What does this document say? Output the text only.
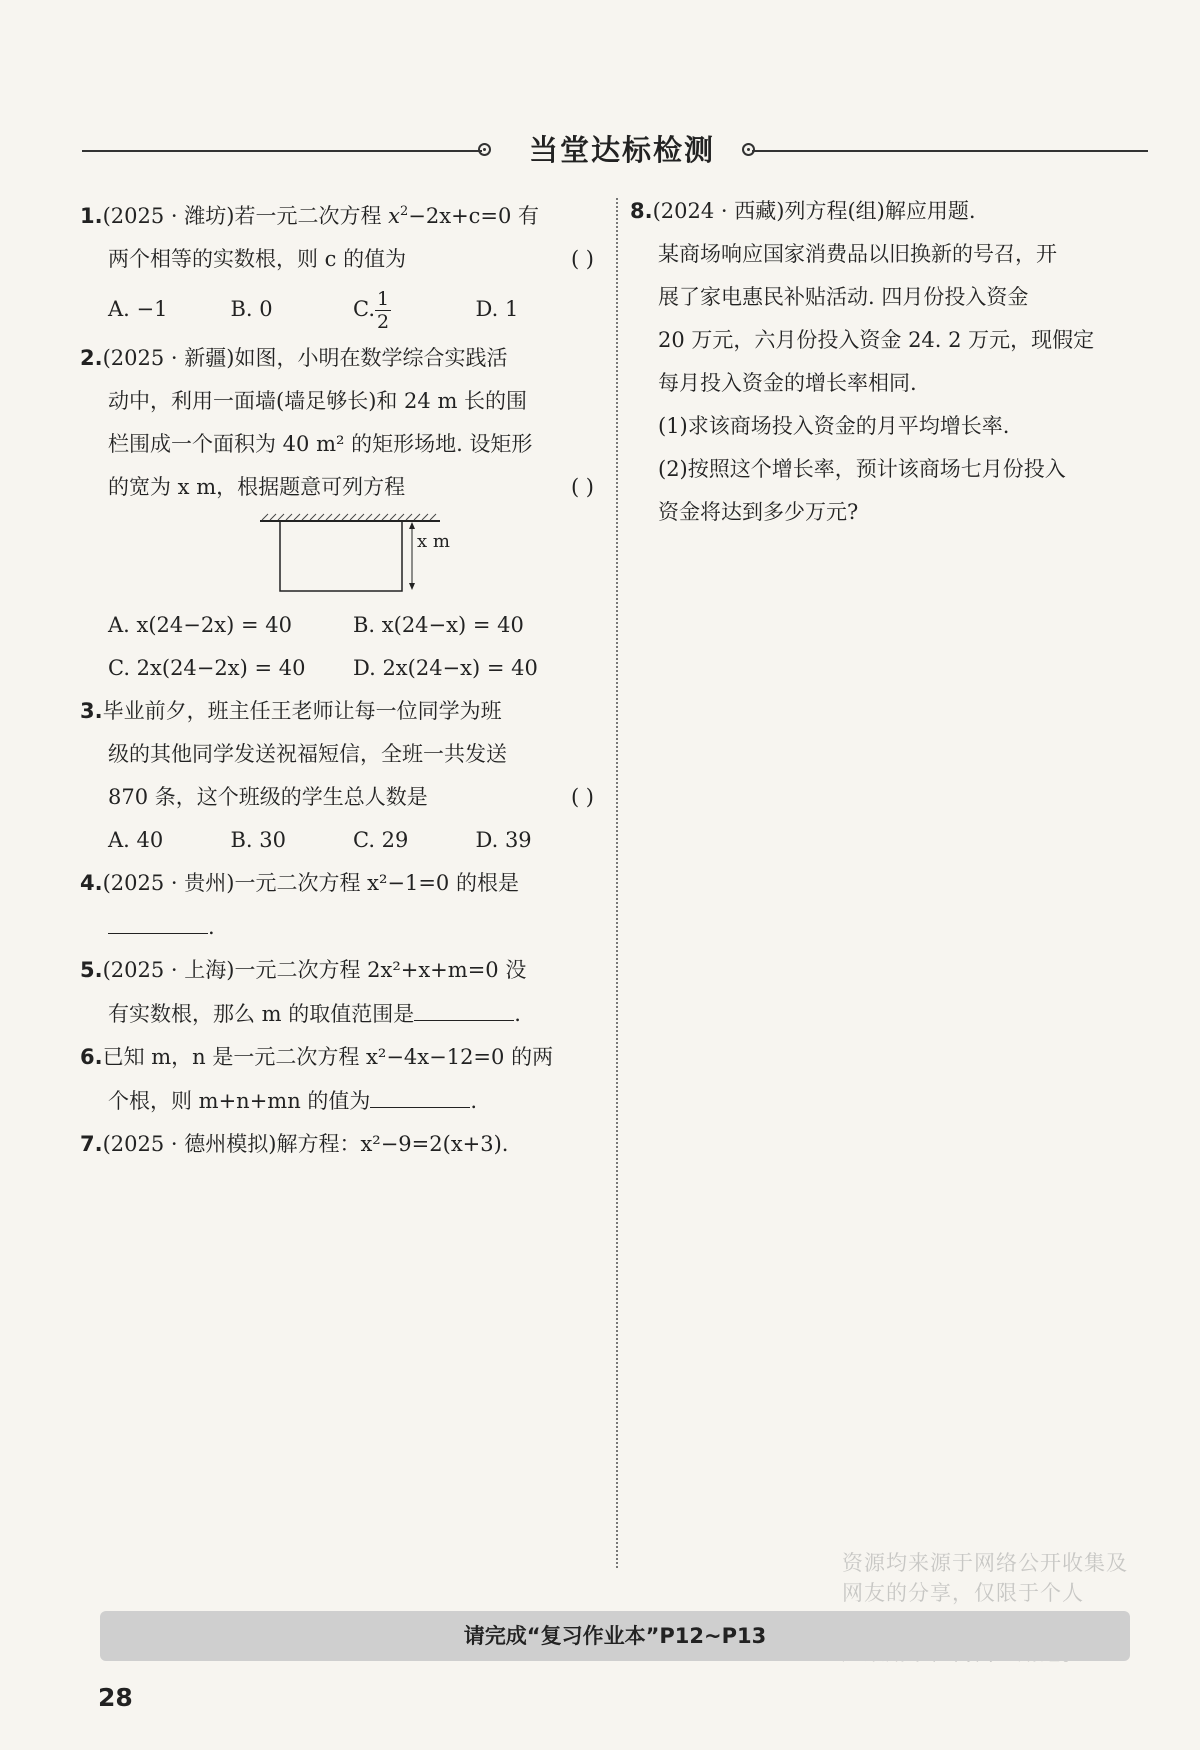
当堂达标检测
1.(2025 · 潍坊)若一元二次方程 $x^2-2x+c=0$ 有
两个相等的实数根，则 c 的值为	( )
A. −1	B. 0	C. $\frac{1}{2}$	D. 1
2.(2025 · 新疆)如图，小明在数学综合实践活
动中，利用一面墙(墙足够长)和 24 m 长的围
栏围成一个面积为 40 m² 的矩形场地. 设矩形
的宽为 x m，根据题意可列方程	( )
x m
A. x(24−2x) = 40	B. x(24−x) = 40
C. 2x(24−2x) = 40	D. 2x(24−x) = 40
3.毕业前夕，班主任王老师让每一位同学为班
级的其他同学发送祝福短信，全班一共发送
870 条，这个班级的学生总人数是	( )
A. 40	B. 30	C. 29	D. 39
4.(2025 · 贵州)一元二次方程 x²−1=0 的根是
.
5.(2025 · 上海)一元二次方程 2x²+x+m=0 没
有实数根，那么 m 的取值范围是	.
6.已知 m，n 是一元二次方程 x²−4x−12=0 的两
个根，则 m+n+mn 的值为	.
7.(2025 · 德州模拟)解方程：x²−9=2(x+3).
8.(2024 · 西藏)列方程(组)解应用题.
某商场响应国家消费品以旧换新的号召，开
展了家电惠民补贴活动. 四月份投入资金
20 万元，六月份投入资金 24. 2 万元，现假定
每月投入资金的增长率相同.
(1)求该商场投入资金的月平均增长率.
(2)按照这个增长率，预计该商场七月份投入
资金将达到多少万元?
资源均来源于网络公开收集及
网友的分享，仅限于个人
请完成“复习作业本”P12~P13
28
